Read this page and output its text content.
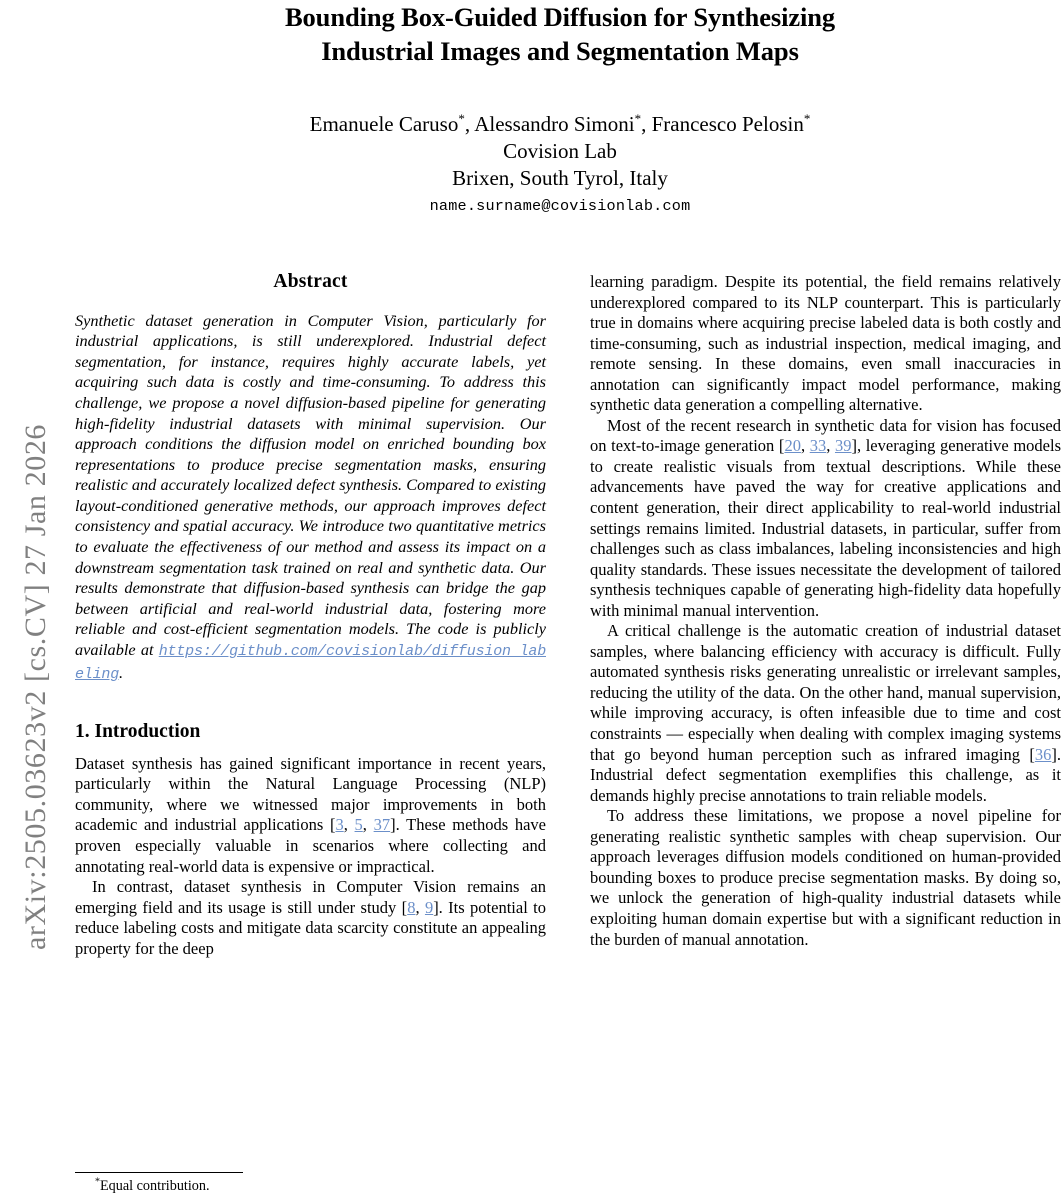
arXiv:2505.03623v2 [cs.CV] 27 Jan 2026
Bounding Box-Guided Diffusion for Synthesizing
Industrial Images and Segmentation Maps
Emanuele Caruso*, Alessandro Simoni*, Francesco Pelosin*
Covision Lab
Brixen, South Tyrol, Italy
name.surname@covisionlab.com
Abstract

Synthetic dataset generation in Computer Vision, particularly for industrial applications, is still underexplored. Industrial defect segmentation, for instance, requires highly accurate labels, yet acquiring such data is costly and time-consuming. To address this challenge, we propose a novel diffusion-based pipeline for generating high-fidelity industrial datasets with minimal supervision. Our approach conditions the diffusion model on enriched bounding box representations to produce precise segmentation masks, ensuring realistic and accurately localized defect synthesis. Compared to existing layout-conditioned generative methods, our approach improves defect consistency and spatial accuracy. We introduce two quantitative metrics to evaluate the effectiveness of our method and assess its impact on a downstream segmentation task trained on real and synthetic data. Our results demonstrate that diffusion-based synthesis can bridge the gap between artificial and real-world industrial data, fostering more reliable and cost-efficient segmentation models. The code is publicly available at https://github.com/covisionlab/diffusion_labeling.

1. Introduction

Dataset synthesis has gained significant importance in recent years, particularly within the Natural Language Processing (NLP) community, where we witnessed major improvements in both academic and industrial applications [3, 5, 37]. These methods have proven especially valuable in scenarios where collecting and annotating real-world data is expensive or impractical.

In contrast, dataset synthesis in Computer Vision remains an emerging field and its usage is still under study [8, 9]. Its potential to reduce labeling costs and mitigate data scarcity constitute an appealing property for the deep

learning paradigm. Despite its potential, the field remains relatively underexplored compared to its NLP counterpart. This is particularly true in domains where acquiring precise labeled data is both costly and time-consuming, such as industrial inspection, medical imaging, and remote sensing. In these domains, even small inaccuracies in annotation can significantly impact model performance, making synthetic data generation a compelling alternative.

Most of the recent research in synthetic data for vision has focused on text-to-image generation [20, 33, 39], leveraging generative models to create realistic visuals from textual descriptions. While these advancements have paved the way for creative applications and content generation, their direct applicability to real-world industrial settings remains limited. Industrial datasets, in particular, suffer from challenges such as class imbalances, labeling inconsistencies and high quality standards. These issues necessitate the development of tailored synthesis techniques capable of generating high-fidelity data hopefully with minimal manual intervention.

A critical challenge is the automatic creation of industrial dataset samples, where balancing efficiency with accuracy is difficult. Fully automated synthesis risks generating unrealistic or irrelevant samples, reducing the utility of the data. On the other hand, manual supervision, while improving accuracy, is often infeasible due to time and cost constraints — especially when dealing with complex imaging systems that go beyond human perception such as infrared imaging [36]. Industrial defect segmentation exemplifies this challenge, as it demands highly precise annotations to train reliable models.

To address these limitations, we propose a novel pipeline for generating realistic synthetic samples with cheap supervision. Our approach leverages diffusion models conditioned on human-provided bounding boxes to produce precise segmentation masks. By doing so, we unlock the generation of high-quality industrial datasets while exploiting human domain expertise but with a significant reduction in the burden of manual annotation.

*Equal contribution.
